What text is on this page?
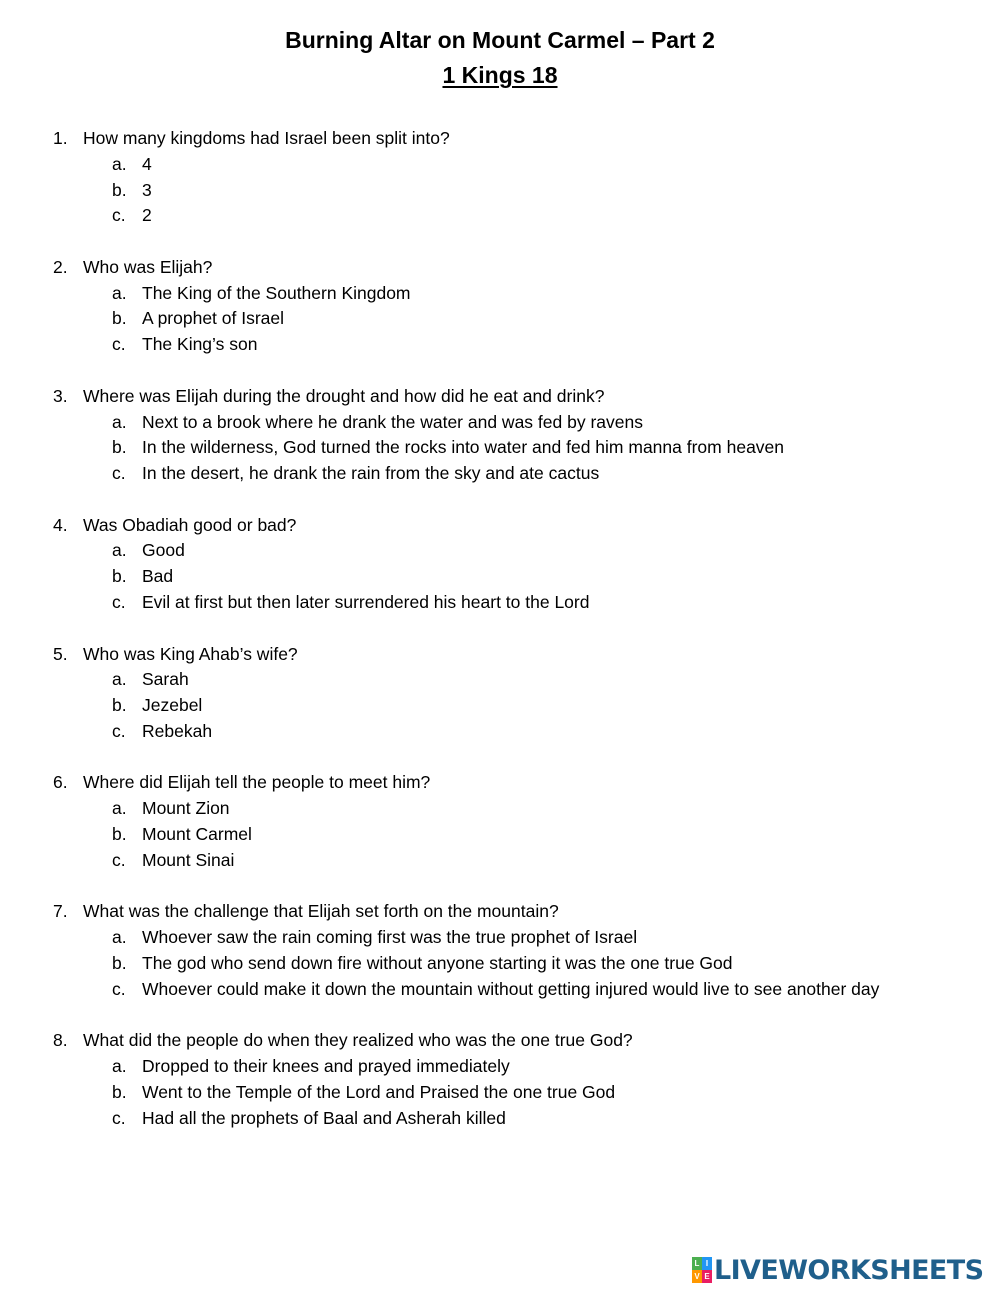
Burning Altar on Mount Carmel – Part 2
1 Kings 18
1. How many kingdoms had Israel been split into?
a. 4
b. 3
c. 2
2. Who was Elijah?
a. The King of the Southern Kingdom
b. A prophet of Israel
c. The King’s son
3. Where was Elijah during the drought and how did he eat and drink?
a. Next to a brook where he drank the water and was fed by ravens
b. In the wilderness, God turned the rocks into water and fed him manna from heaven
c. In the desert, he drank the rain from the sky and ate cactus
4. Was Obadiah good or bad?
a. Good
b. Bad
c. Evil at first but then later surrendered his heart to the Lord
5. Who was King Ahab’s wife?
a. Sarah
b. Jezebel
c. Rebekah
6. Where did Elijah tell the people to meet him?
a. Mount Zion
b. Mount Carmel
c. Mount Sinai
7. What was the challenge that Elijah set forth on the mountain?
a. Whoever saw the rain coming first was the true prophet of Israel
b. The god who send down fire without anyone starting it was the one true God
c. Whoever could make it down the mountain without getting injured would live to see another day
8. What did the people do when they realized who was the one true God?
a. Dropped to their knees and prayed immediately
b. Went to the Temple of the Lord and Praised the one true God
c. Had all the prophets of Baal and Asherah killed
L I
V E LIVEWORKSHEETS
